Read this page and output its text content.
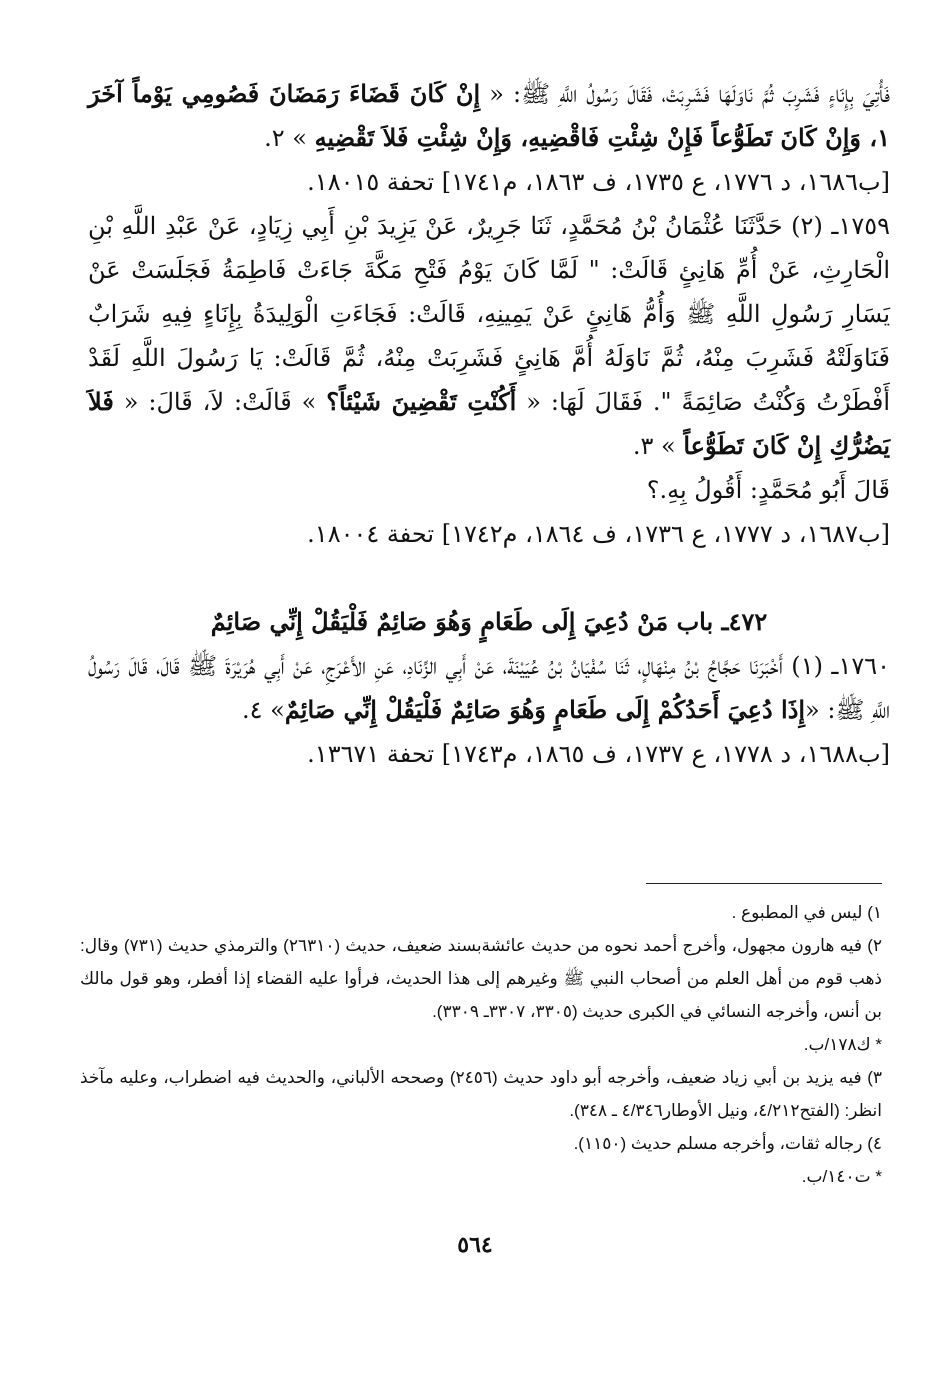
فَأُتِيَ بِإِنَاءٍ فَشَرِبَ ثُمَّ نَاوَلَهَا فَشَرِبَتْ، فَقَالَ رَسُولُ اللَّهِ ﷺ: « إِنْ كَانَ قَضَاءَ رَمَضَانَ فَصُومِي يَوْماً آخَرَ ١، وَإِنْ كَانَ تَطَوُّعاً فَإِنْ شِئْتِ فَاقْضِيهِ، وَإِنْ شِئْتِ فَلاَ تَقْضِيهِ » ٢.

[ب١٦٨٦، د ١٧٧٦، ع ١٧٣٥، ف ١٨٦٣، م١٧٤١] تحفة ١٨٠١٥.

١٧٥٩ـ (٢) حَدَّثَنَا عُثْمَانُ بْنُ مُحَمَّدٍ، ثَنَا جَرِيرٌ، عَنْ يَزِيدَ بْنِ أَبِي زِيَادٍ، عَنْ عَبْدِ اللَّهِ بْنِ الْحَارِثِ، عَنْ أُمِّ هَانِئٍ قَالَتْ: " لَمَّا كَانَ يَوْمُ فَتْحِ مَكَّةَ جَاءَتْ فَاطِمَةُ فَجَلَسَتْ عَنْ يَسَارِ رَسُولِ اللَّهِ ﷺ وَأُمُّ هَانِئٍ عَنْ يَمِينِهِ، قَالَتْ: فَجَاءَتِ الْوَلِيدَةُ بِإِنَاءٍ فِيهِ شَرَابٌ فَنَاوَلَتْهُ فَشَرِبَ مِنْهُ، ثُمَّ نَاوَلَهُ أُمَّ هَانِئٍ فَشَرِبَتْ مِنْهُ، ثُمَّ قَالَتْ: يَا رَسُولَ اللَّهِ لَقَدْ أَفْطَرْتُ وَكُنْتُ صَائِمَةً ". فَقَالَ لَهَا: « أَكُنْتِ تَقْضِينَ شَيْئاً؟ » قَالَتْ: لاَ، قَالَ: « فَلاَ يَضُرُّكِ إِنْ كَانَ تَطَوُّعاً » ٣.

قَالَ أَبُو مُحَمَّدٍ: أَقُولُ بِهِ.؟

[ب١٦٨٧، د ١٧٧٧، ع ١٧٣٦، ف ١٨٦٤، م١٧٤٢] تحفة ١٨٠٠٤.

٤٧٢ـ باب مَنْ دُعِيَ إِلَى طَعَامٍ وَهُوَ صَائِمٌ فَلْيَقُلْ إِنِّي صَائِمٌ

١٧٦٠ـ (١) أَخْبَرَنَا حَجَّاجُ بْنُ مِنْهَالٍ، ثَنَا سُفْيَانُ بْنُ عُيَيْنَةَ، عَنْ أَبِي الزِّنَادِ، عَنِ الأَعْرَجِ، عَنْ أَبِي هُرَيْرَةَ ﷺ قَالَ، قَالَ رَسُولُ اللَّهِ ﷺ: «إِذَا دُعِيَ أَحَدُكُمْ إِلَى طَعَامٍ وَهُوَ صَائِمٌ فَلْيَقُلْ إِنِّي صَائِمٌ» ٤.

[ب١٦٨٨، د ١٧٧٨، ع ١٧٣٧، ف ١٨٦٥، م١٧٤٣] تحفة ١٣٦٧١.

١) ليس في المطبوع .

٢) فيه هارون مجهول، وأخرج أحمد نحوه من حديث عائشةبسند ضعيف، حديث (٢٦٣١٠) والترمذي حديث (٧٣١) وقال: ذهب قوم من أهل العلم من أصحاب النبي ﷺ وغيرهم إلى هذا الحديث، فرأوا عليه القضاء إذا أفطر، وهو قول مالك بن أنس، وأخرجه النسائي في الكبرى حديث (٣٣٠٥، ٣٣٠٧ـ ٣٣٠٩).

* ك١٧٨/ب.

٣) فيه يزيد بن أبي زياد ضعيف، وأخرجه أبو داود حديث (٢٤٥٦) وصححه الألباني، والحديث فيه اضطراب، وعليه مآخذ انظر: (الفتح٤/٢١٢، ونيل الأوطار٤/٣٤٦ ـ ٣٤٨).

٤) رجاله ثقات، وأخرجه مسلم حديث (١١٥٠).

* ت١٤٠/ب.

٥٦٤
